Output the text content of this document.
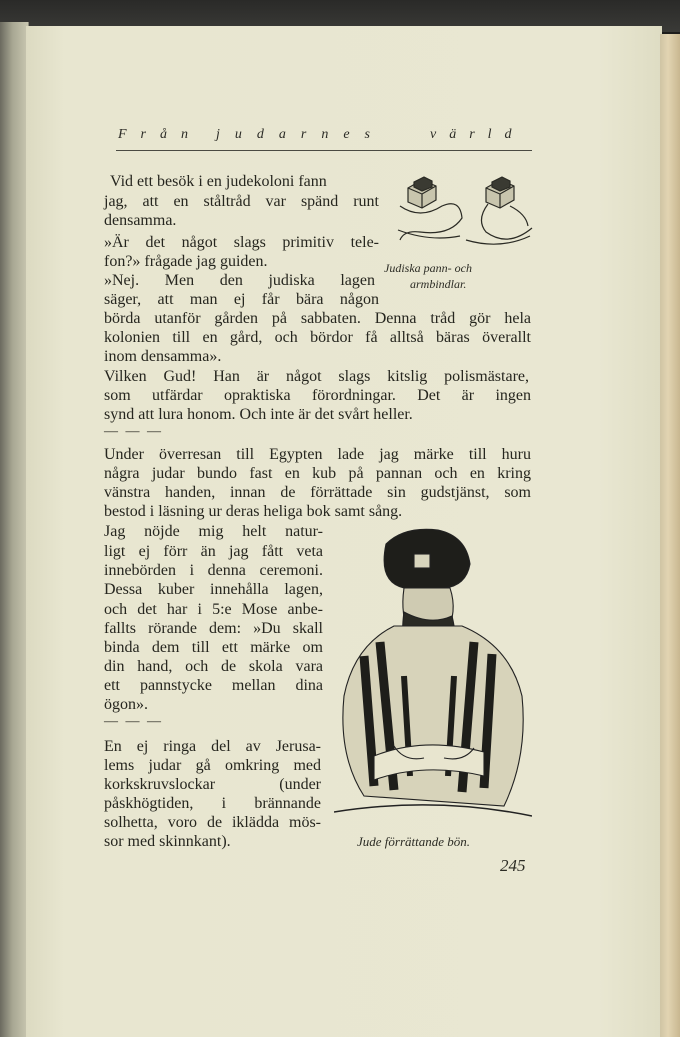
Från judarnes	värld
Vid ett besök i en judekoloni fann
jag, att en ståltråd var spänd runt
densamma.
»Är det något slags primitiv tele-
fon?» frågade jag guiden.
»Nej. Men den judiska lagen
säger, att man ej får bära någon
börda utanför gården på sabbaten. Denna tråd gör hela
kolonien till en gård, och bördor få alltså bäras överallt
inom densamma».
Vilken Gud! Han är något slags kitslig polismästare,
som utfärdar opraktiska förordningar. Det är ingen
synd att lura honom. Och inte är det svårt heller.
— — —
Under överresan till Egypten lade jag märke till huru
några judar bundo fast en kub på pannan och en kring
vänstra handen, innan de förrättade sin gudstjänst, som
bestod i läsning ur deras heliga bok samt sång.
Jag nöjde mig helt natur-
ligt ej förr än jag fått veta
innebörden i denna ceremoni.
Dessa kuber innehålla lagen,
och det har i 5:e Mose anbe-
fallts rörande dem: »Du skall
binda dem till ett märke om
din hand, och de skola vara
ett pannstycke mellan dina
ögon».
— — —
En ej ringa del av Jerusa-
lems judar gå omkring med
korkskruvslockar (under
påskhögtiden, i brännande
solhetta, voro de iklädda mös-
sor med skinnkant).
Judiska pann- och
armbindlar.
Jude förrättande bön.
245
